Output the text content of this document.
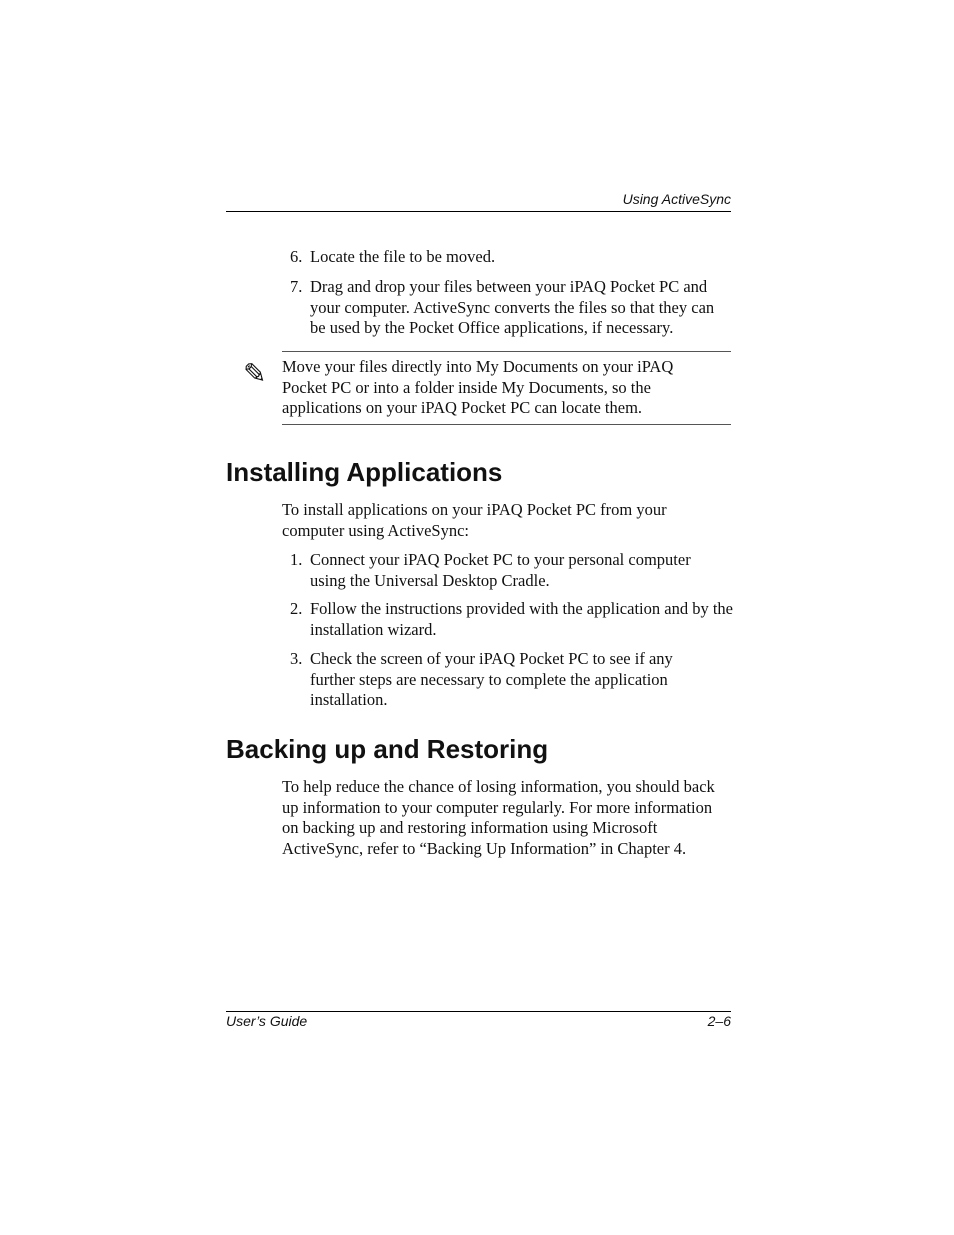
Using ActiveSync
6. Locate the file to be moved.
7. Drag and drop your files between your iPAQ Pocket PC and your computer. ActiveSync converts the files so that they can be used by the Pocket Office applications, if necessary.
✎ Move your files directly into My Documents on your iPAQ Pocket PC or into a folder inside My Documents, so the applications on your iPAQ Pocket PC can locate them.
Installing Applications
To install applications on your iPAQ Pocket PC from your computer using ActiveSync:
1. Connect your iPAQ Pocket PC to your personal computer using the Universal Desktop Cradle.
2. Follow the instructions provided with the application and by the installation wizard.
3. Check the screen of your iPAQ Pocket PC to see if any further steps are necessary to complete the application installation.
Backing up and Restoring
To help reduce the chance of losing information, you should back up information to your computer regularly. For more information on backing up and restoring information using Microsoft ActiveSync, refer to “Backing Up Information” in Chapter 4.
User’s Guide	2–6
